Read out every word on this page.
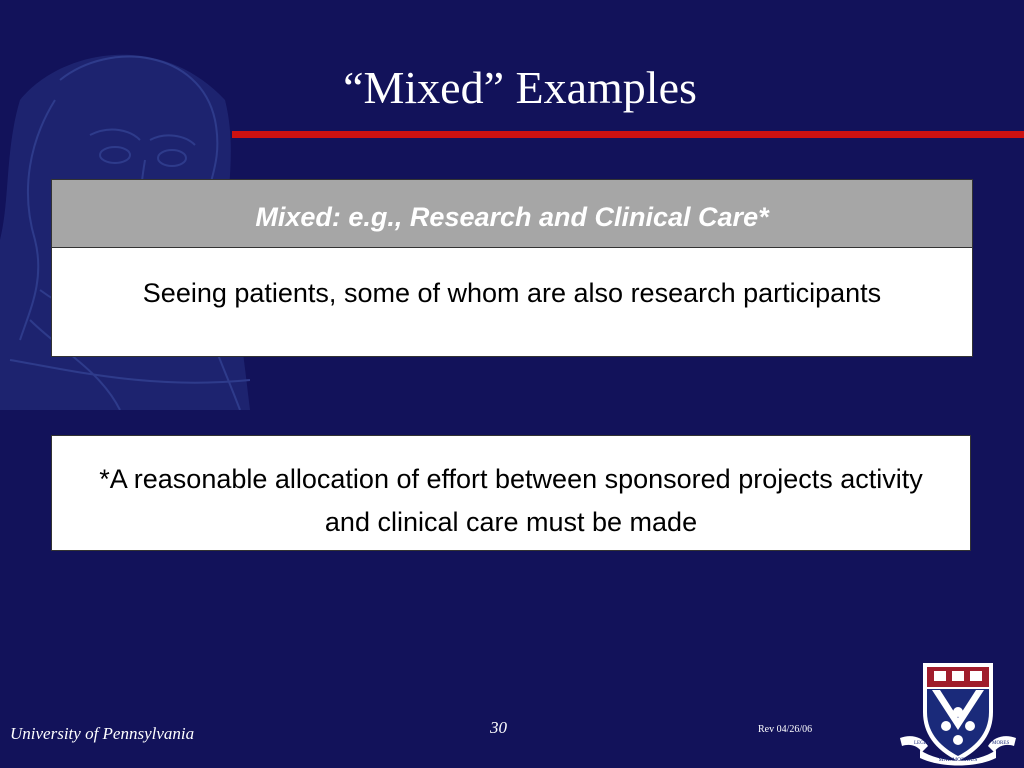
“Mixed” Examples
Mixed: e.g., Research and Clinical Care*
Seeing patients, some of whom are also research participants
*A reasonable allocation of effort between sponsored projects activity and clinical care must be made
University of Pennsylvania	30	Rev 04/26/06
LEGES	MORES
SINE MORIBUS
